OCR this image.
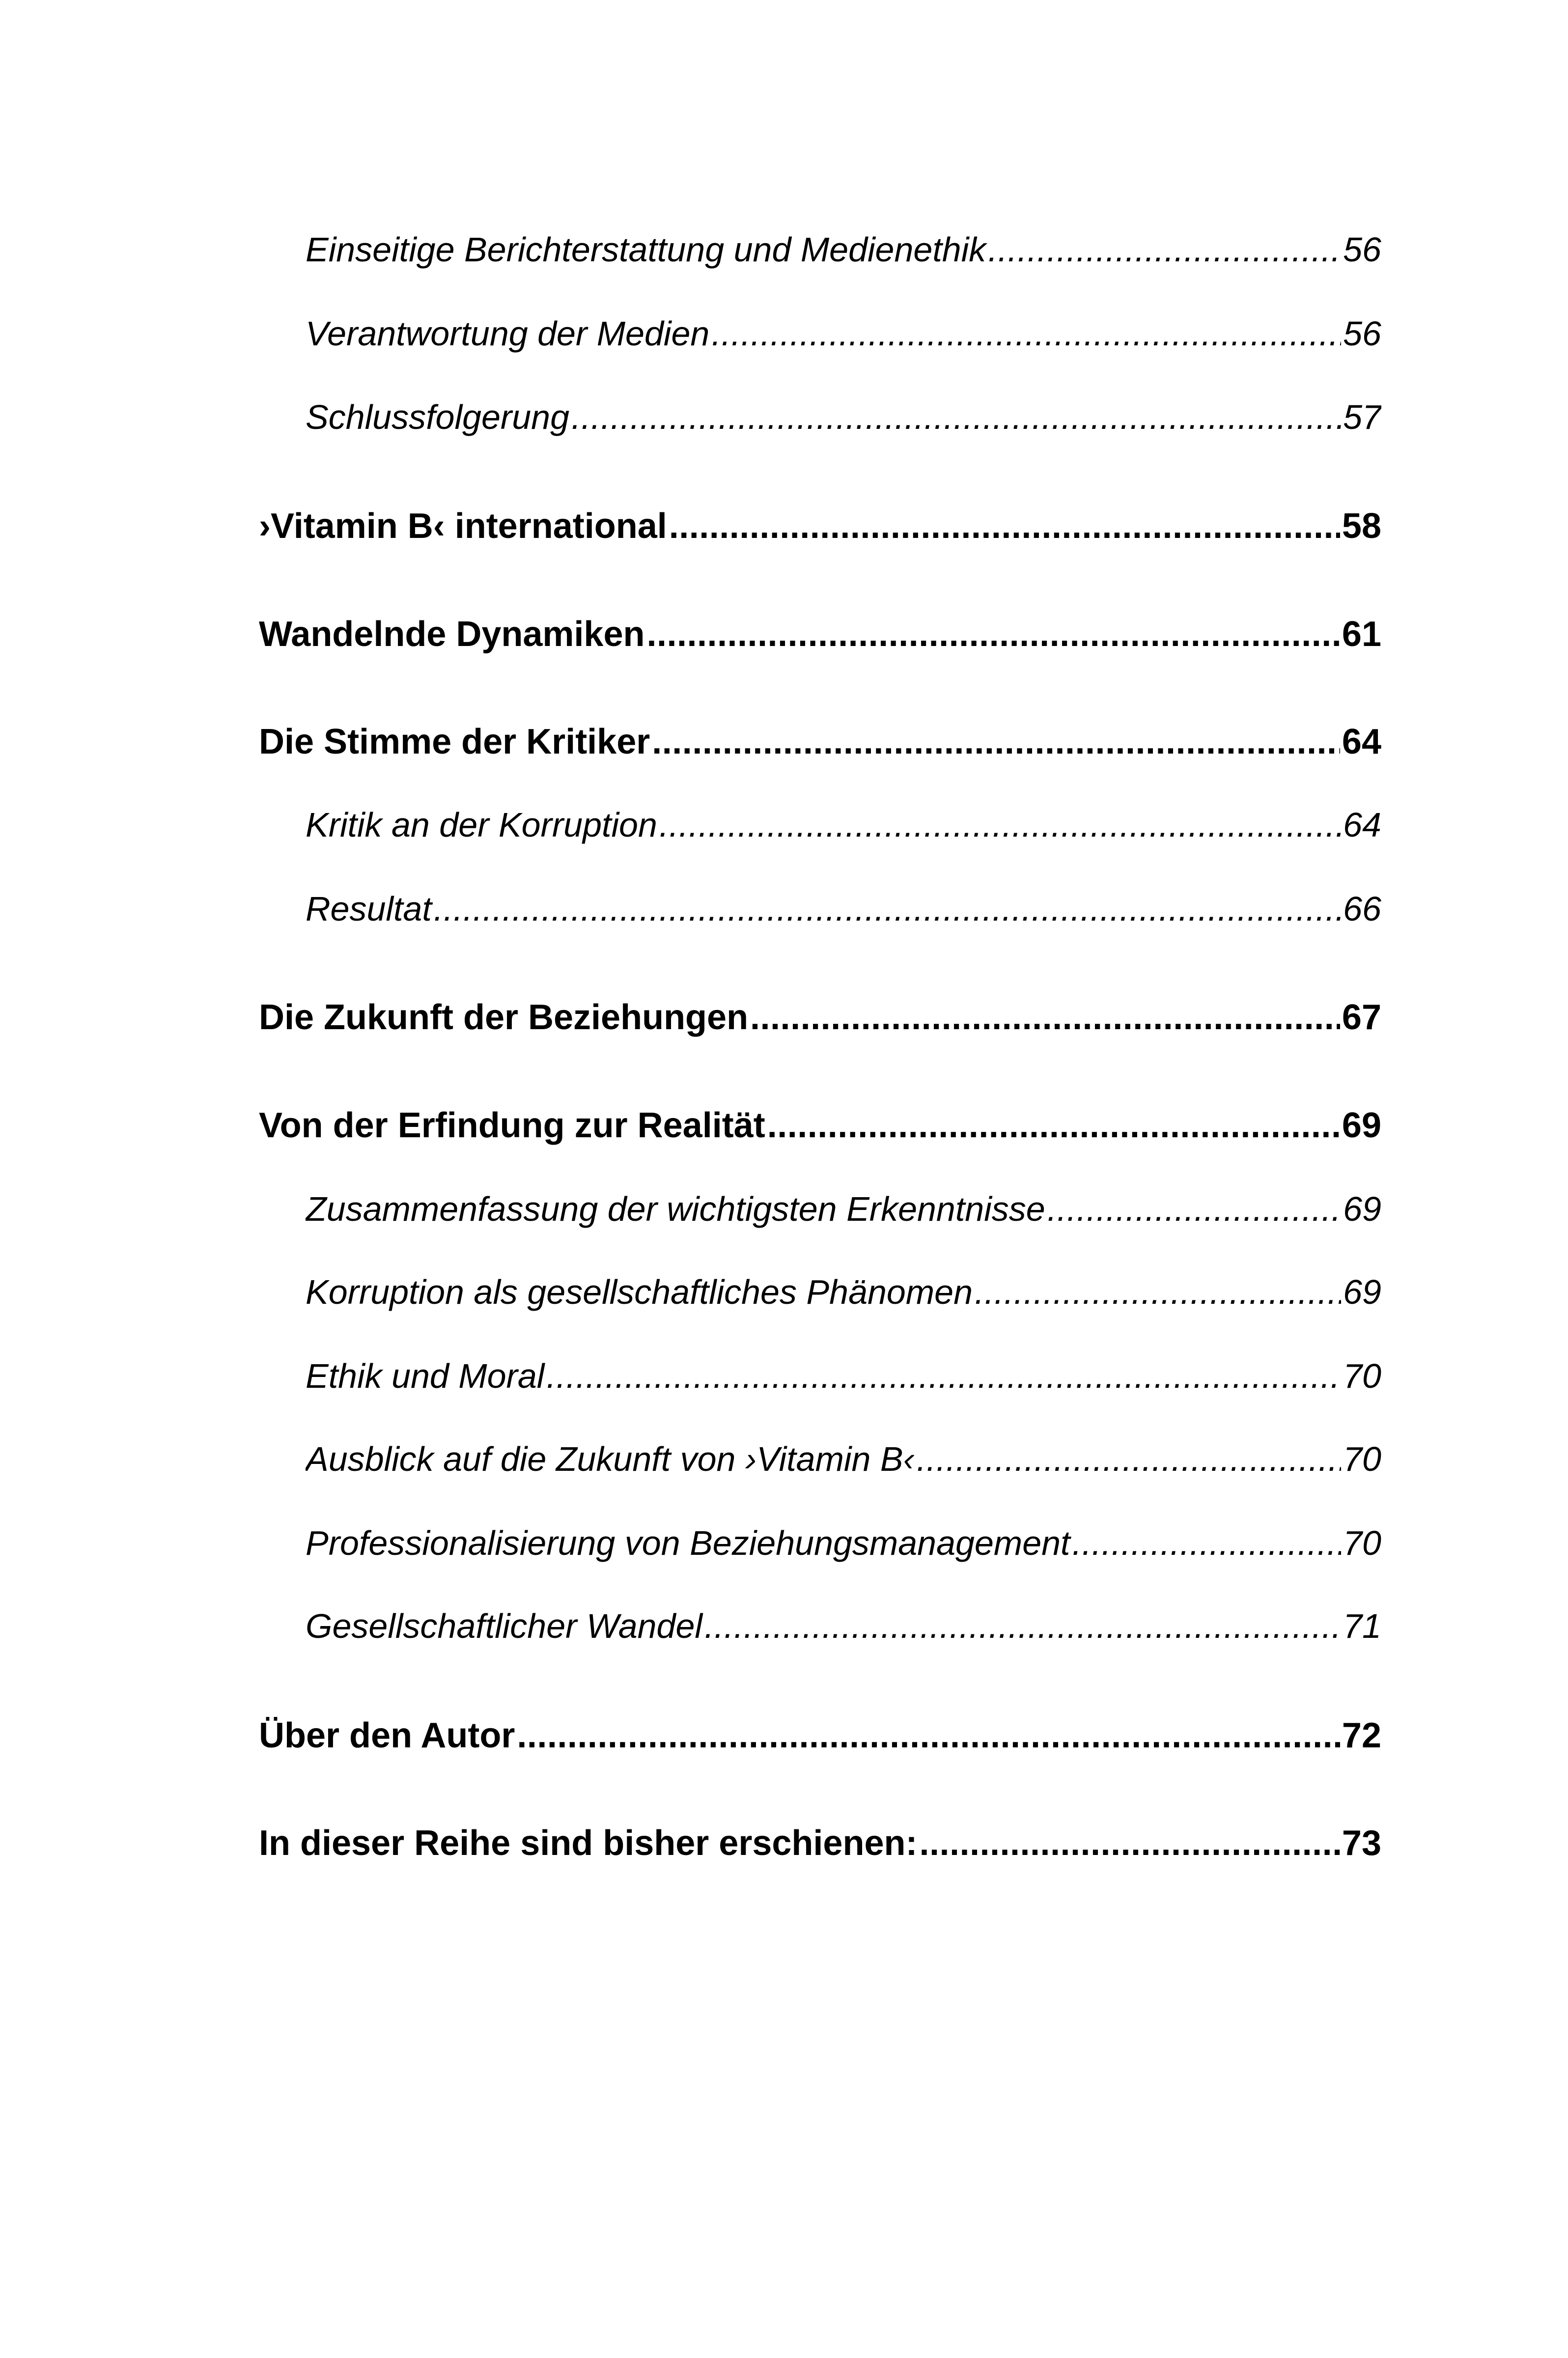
Einseitige Berichterstattung und Medienethik .....	56
Verantwortung der Medien .....	56
Schlussfolgerung .....	57
›Vitamin B‹ international .....	58
Wandelnde Dynamiken .....	61
Die Stimme der Kritiker .....	64
Kritik an der Korruption .....	64
Resultat .....	66
Die Zukunft der Beziehungen .....	67
Von der Erfindung zur Realität .....	69
Zusammenfassung der wichtigsten Erkenntnisse .....	69
Korruption als gesellschaftliches Phänomen .....	69
Ethik und Moral .....	70
Ausblick auf die Zukunft von ›Vitamin B‹ .....	70
Professionalisierung von Beziehungsmanagement .....	70
Gesellschaftlicher Wandel .....	71
Über den Autor .....	72
In dieser Reihe sind bisher erschienen: .....	73
